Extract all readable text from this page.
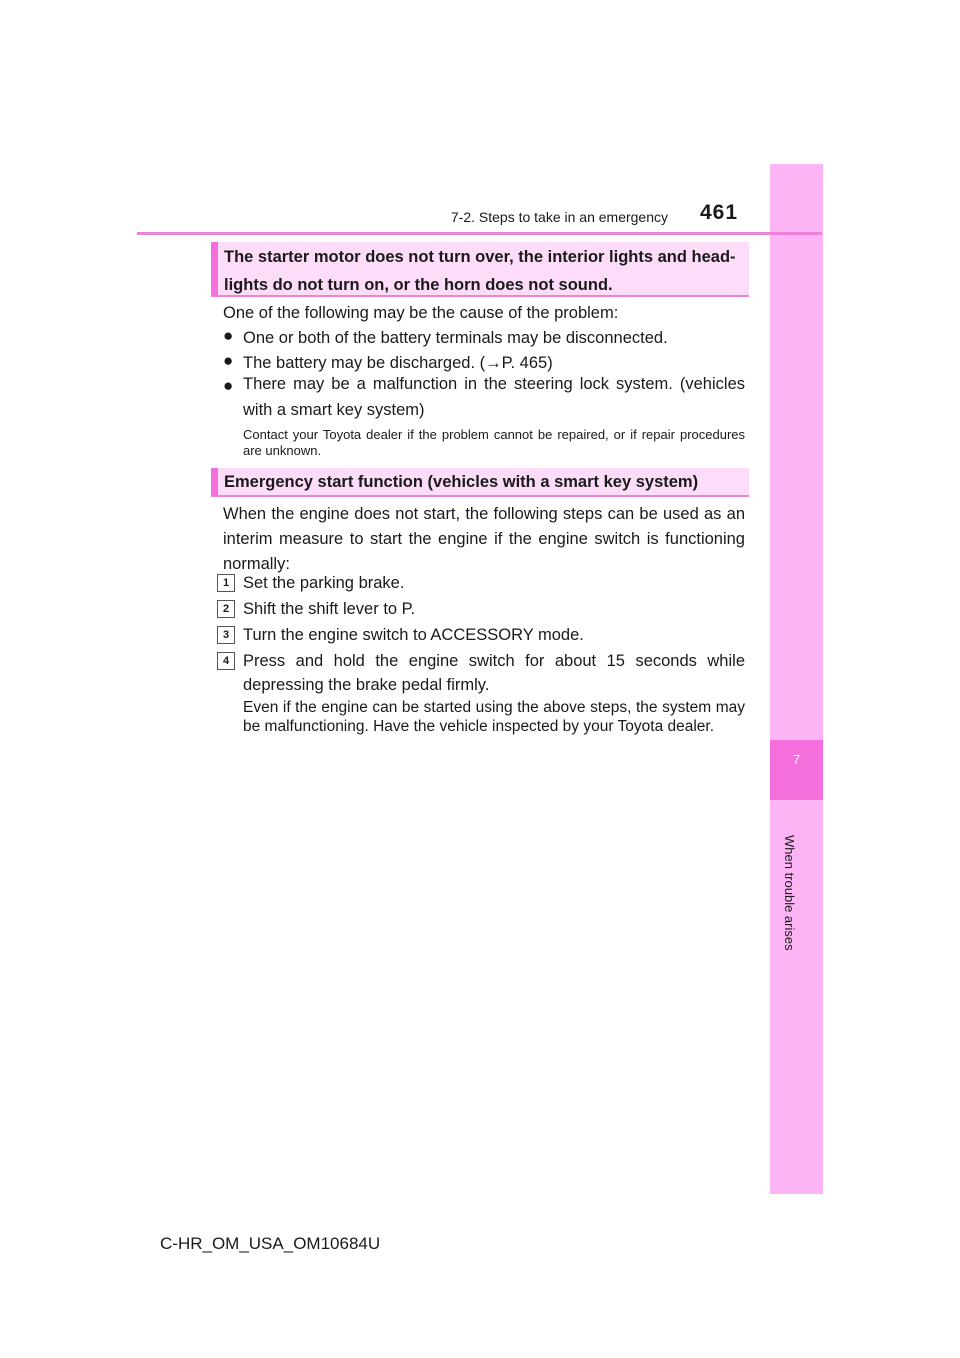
7
When trouble arises
7-2. Steps to take in an emergency 461
The starter motor does not turn over, the interior lights and head-
lights do not turn on, or the horn does not sound.
One of the following may be the cause of the problem:
● One or both of the battery terminals may be disconnected.
● The battery may be discharged. (→P. 465)
● There may be a malfunction in the steering lock system. (vehicles with a smart key system)
Contact your Toyota dealer if the problem cannot be repaired, or if repair procedures are unknown.
Emergency start function (vehicles with a smart key system)
When the engine does not start, the following steps can be used as an interim measure to start the engine if the engine switch is functioning normally:
1 Set the parking brake.
2 Shift the shift lever to P.
3 Turn the engine switch to ACCESSORY mode.
4 Press and hold the engine switch for about 15 seconds while depressing the brake pedal firmly.
Even if the engine can be started using the above steps, the system may be malfunctioning. Have the vehicle inspected by your Toyota dealer.
C-HR_OM_USA_OM10684U
